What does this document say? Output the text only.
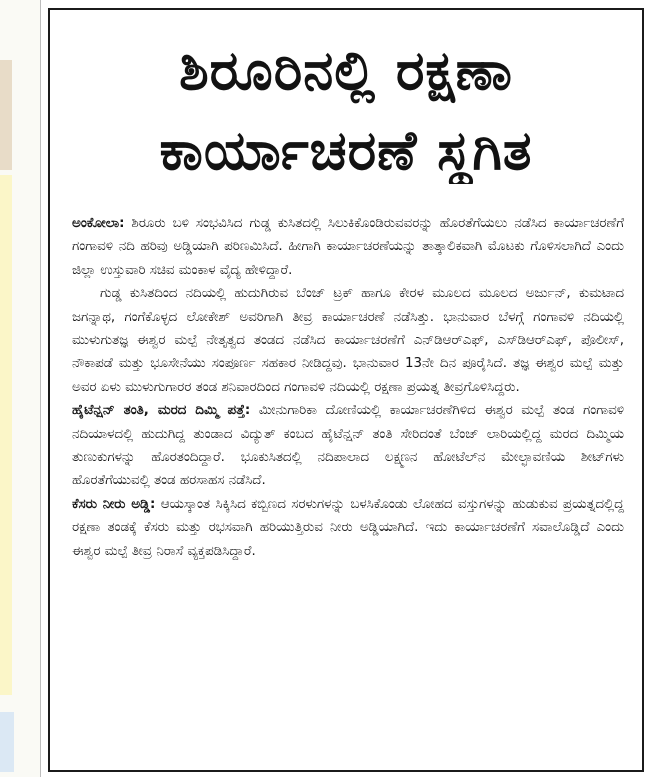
ಶಿರೂರಿನಲ್ಲಿ ರಕ್ಷಣಾ
ಕಾರ್ಯಾಚರಣೆ ಸ್ಥಗಿತ

ಅಂಕೋಲಾ: ಶಿರೂರು ಬಳಿ ಸಂಭವಿಸಿದ ಗುಡ್ಡ ಕುಸಿತದಲ್ಲಿ ಸಿಲುಕಿಕೊಂಡಿರುವವರನ್ನು ಹೊರತೆಗೆಯಲು ನಡೆಸಿದ ಕಾರ್ಯಾಚರಣೆಗೆ ಗಂಗಾವಳಿ ನದಿ ಹರಿವು ಅಡ್ಡಿಯಾಗಿ ಪರಿಣಮಿಸಿದೆ. ಹೀಗಾಗಿ ಕಾರ್ಯಾಚರಣೆಯನ್ನು ತಾತ್ಕಾಲಿಕವಾಗಿ ಮೊಟಕು ಗೊಳಿಸಲಾಗಿದೆ ಎಂದು ಜಿಲ್ಲಾ ಉಸ್ತುವಾರಿ ಸಚಿವ ಮಂಕಾಳ ವೈದ್ಯ ಹೇಳಿದ್ದಾರೆ.

ಗುಡ್ಡ ಕುಸಿತದಿಂದ ನದಿಯಲ್ಲಿ ಹುದುಗಿರುವ ಬೆಂಜ್ ಟ್ರಕ್ ಹಾಗೂ ಕೇರಳ ಮೂಲದ ಮೂಲದ ಅರ್ಜುನ್, ಕುಮಟಾದ ಜಗನ್ನಾಥ, ಗಂಗೆಕೊಳ್ಳದ ಲೋಕೇಶ್ ಅವರಿಗಾಗಿ ತೀವ್ರ ಕಾರ್ಯಾಚರಣೆ ನಡೆಸಿತ್ತು. ಭಾನುವಾರ ಬೆಳಗ್ಗೆ ಗಂಗಾವಳಿ ನದಿಯಲ್ಲಿ ಮುಳುಗುತಜ್ಞ ಈಶ್ವರ ಮಲ್ಪೆ ನೇತೃತ್ವದ ತಂಡದ ನಡೆಸಿದ ಕಾರ್ಯಾಚರಣೆಗೆ ಎನ್‌ಡಿಆರ್‌ಎಫ್, ಎಸ್‌ಡಿಆರ್‌ಎಫ್, ಪೊಲೀಸ್, ನೌಕಾಪಡೆ ಮತ್ತು ಭೂಸೇನೆಯು ಸಂಪೂರ್ಣ ಸಹಕಾರ ನೀಡಿದ್ದವು. ಭಾನುವಾರ 13ನೇ ದಿನ ಪೂರೈಸಿದೆ. ತಜ್ಞ ಈಶ್ವರ ಮಲ್ಪೆ ಮತ್ತು ಅವರ ಏಳು ಮುಳುಗುಗಾರರ ತಂಡ ಶನಿವಾರದಿಂದ ಗಂಗಾವಳಿ ನದಿಯಲ್ಲಿ ರಕ್ಷಣಾ ಪ್ರಯತ್ನ ತೀವ್ರಗೊಳಿಸಿದ್ದರು.

ಹೈಟೆನ್ಷನ್ ತಂತಿ, ಮರದ ದಿಮ್ಮಿ ಪತ್ತೆ: ಮೀನುಗಾರಿಕಾ ದೋಣಿಯಲ್ಲಿ ಕಾರ್ಯಾಚರಣೆಗಿಳಿದ ಈಶ್ವರ ಮಲ್ಪೆ ತಂಡ ಗಂಗಾವಳಿ ನದಿಯಾಳದಲ್ಲಿ ಹುದುಗಿದ್ದ ತುಂಡಾದ ವಿದ್ಯುತ್ ಕಂಬದ ಹೈಟೆನ್ಷನ್ ತಂತಿ ಸೇರಿದಂತೆ ಬೆಂಜ್ ಲಾರಿಯಲ್ಲಿದ್ದ ಮರದ ದಿಮ್ಮಿಯ ತುಣುಕುಗಳನ್ನು ಹೊರತಂದಿದ್ದಾರೆ. ಭೂಕುಸಿತದಲ್ಲಿ ನದಿಪಾಲಾದ ಲಕ್ಷ್ಮಣನ ಹೋಟೆಲ್‌ನ ಮೇಲ್ಛಾವಣಿಯ ಶೀಟ್‌ಗಳು ಹೊರತೆಗೆಯುವಲ್ಲಿ ತಂಡ ಹರಸಾಹಸ ನಡೆಸಿದೆ.

ಕೆಸರು ನೀರು ಅಡ್ಡಿ: ಆಯಸ್ಕಾಂತ ಸಿಕ್ಕಿಸಿದ ಕಬ್ಬಿಣದ ಸರಳುಗಳನ್ನು ಬಳಸಿಕೊಂಡು ಲೋಹದ ವಸ್ತುಗಳನ್ನು ಹುಡುಕುವ ಪ್ರಯತ್ನದಲ್ಲಿದ್ದ ರಕ್ಷಣಾ ತಂಡಕ್ಕೆ ಕೆಸರು ಮತ್ತು ರಭಸವಾಗಿ ಹರಿಯುತ್ತಿರುವ ನೀರು ಅಡ್ಡಿಯಾಗಿದೆ. ಇದು ಕಾರ್ಯಾಚರಣೆಗೆ ಸವಾಲೊಡ್ಡಿದೆ ಎಂದು ಈಶ್ವರ ಮಲ್ಪೆ ತೀವ್ರ ನಿರಾಸೆ ವ್ಯಕ್ತಪಡಿಸಿದ್ದಾರೆ.
